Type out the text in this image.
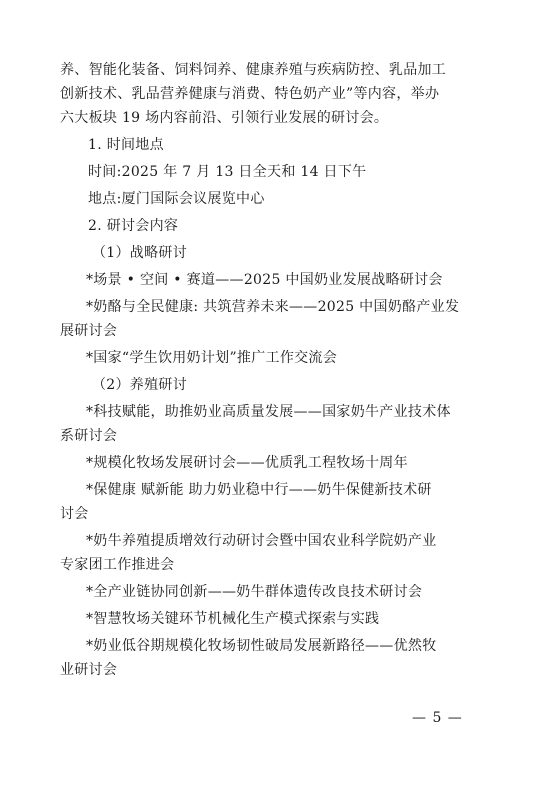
养、智能化装备、饲料饲养、健康养殖与疾病防控、乳品加工
创新技术、乳品营养健康与消费、特色奶产业”等内容，举办
六大板块 19 场内容前沿、引领行业发展的研讨会。
1. 时间地点
时间:2025 年 7 月 13 日全天和 14 日下午
地点:厦门国际会议展览中心
2. 研讨会内容
（1）战略研讨
*场景 • 空间 • 赛道——2025 中国奶业发展战略研讨会
*奶酪与全民健康: 共筑营养未来——2025 中国奶酪产业发
展研讨会
*国家“学生饮用奶计划”推广工作交流会
（2）养殖研讨
*科技赋能，助推奶业高质量发展——国家奶牛产业技术体
系研讨会
*规模化牧场发展研讨会——优质乳工程牧场十周年
*保健康 赋新能 助力奶业稳中行——奶牛保健新技术研
讨会
*奶牛养殖提质增效行动研讨会暨中国农业科学院奶产业
专家团工作推进会
*全产业链协同创新——奶牛群体遗传改良技术研讨会
*智慧牧场关键环节机械化生产模式探索与实践
*奶业低谷期规模化牧场韧性破局发展新路径——优然牧
业研讨会
— 5 —
